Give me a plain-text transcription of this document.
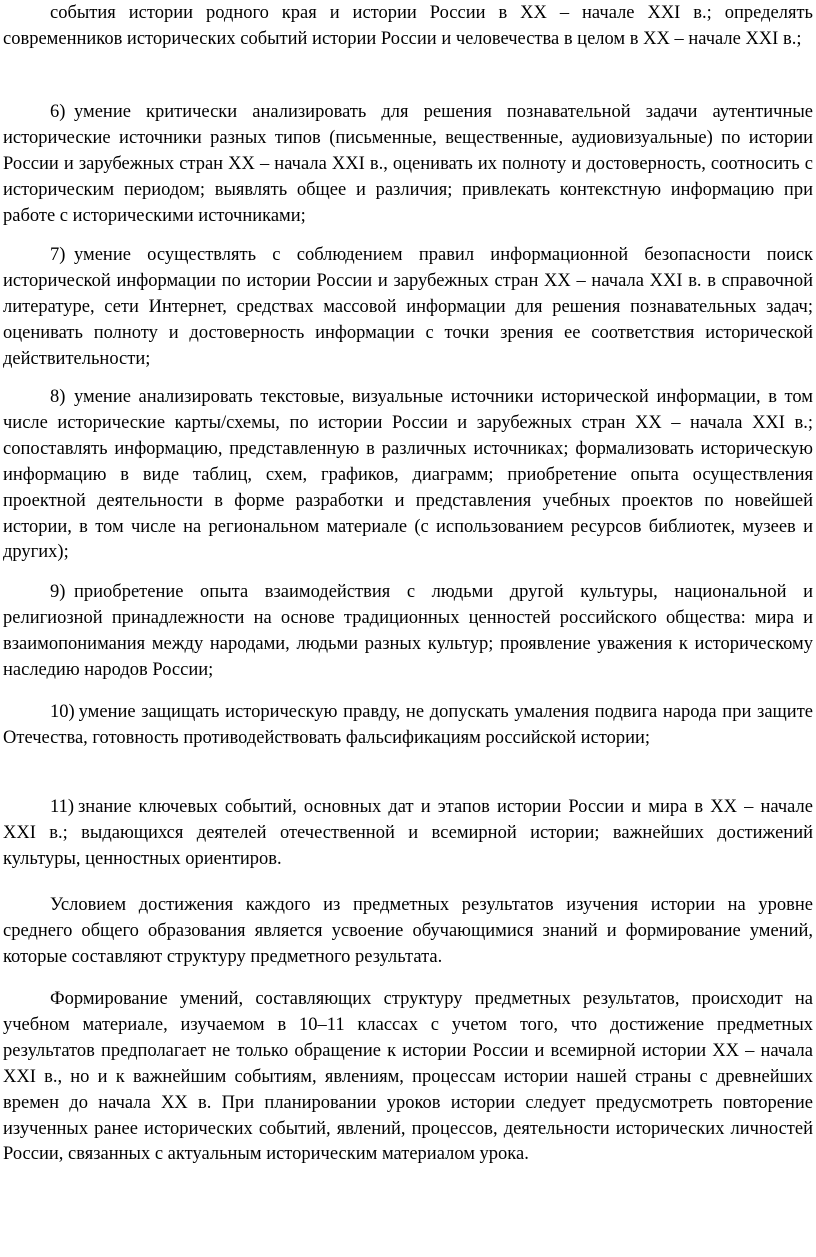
события истории родного края и истории России в XX – начале XXI в.; определять современников исторических событий истории России и человечества в целом в XX – начале XXI в.;

6) умение критически анализировать для решения познавательной задачи аутентичные исторические источники разных типов (письменные, вещественные, аудиовизуальные) по истории России и зарубежных стран XX – начала XXI в., оценивать их полноту и достоверность, соотносить с историческим периодом; выявлять общее и различия; привлекать контекстную информацию при работе с историческими источниками;

7) умение осуществлять с соблюдением правил информационной безопасности поиск исторической информации по истории России и зарубежных стран XX – начала XXI в. в справочной литературе, сети Интернет, средствах массовой информации для решения познавательных задач; оценивать полноту и достоверность информации с точки зрения ее соответствия исторической действительности;

8) умение анализировать текстовые, визуальные источники исторической информации, в том числе исторические карты/схемы, по истории России и зарубежных стран XX – начала XXI в.; сопоставлять информацию, представленную в различных источниках; формализовать историческую информацию в виде таблиц, схем, графиков, диаграмм; приобретение опыта осуществления проектной деятельности в форме разработки и представления учебных проектов по новейшей истории, в том числе на региональном материале (с использованием ресурсов библиотек, музеев и других);

9) приобретение опыта взаимодействия с людьми другой культуры, национальной и религиозной принадлежности на основе традиционных ценностей российского общества: мира и взаимопонимания между народами, людьми разных культур; проявление уважения к историческому наследию народов России;

10) умение защищать историческую правду, не допускать умаления подвига народа при защите Отечества, готовность противодействовать фальсификациям российской истории;

11) знание ключевых событий, основных дат и этапов истории России и мира в XX – начале XXI в.; выдающихся деятелей отечественной и всемирной истории; важнейших достижений культуры, ценностных ориентиров.

Условием достижения каждого из предметных результатов изучения истории на уровне среднего общего образования является усвоение обучающимися знаний и формирование умений, которые составляют структуру предметного результата.

Формирование умений, составляющих структуру предметных результатов, происходит на учебном материале, изучаемом в 10–11 классах с учетом того, что достижение предметных результатов предполагает не только обращение к истории России и всемирной истории XX – начала XXI в., но и к важнейшим событиям, явлениям, процессам истории нашей страны с древнейших времен до начала XX в. При планировании уроков истории следует предусмотреть повторение изученных ранее исторических событий, явлений, процессов, деятельности исторических личностей России, связанных с актуальным историческим материалом урока.
